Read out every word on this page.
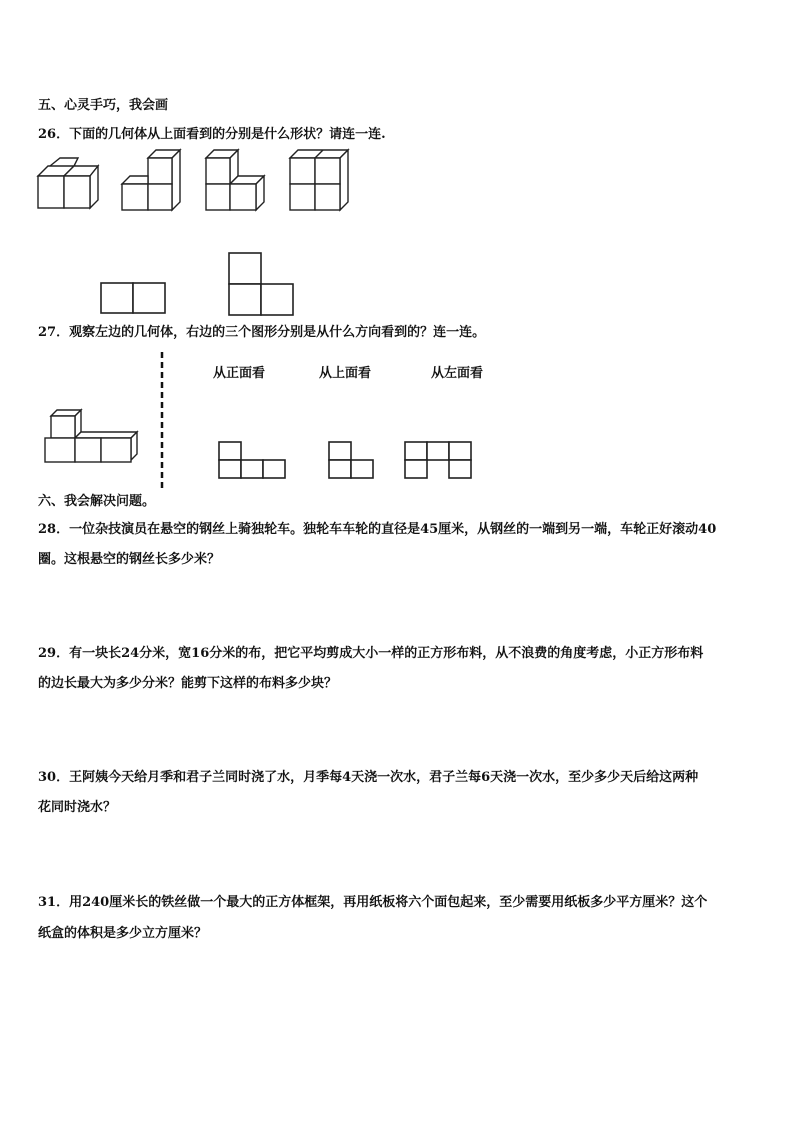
五、心灵手巧，我会画
26．下面的几何体从上面看到的分别是什么形状？请连一连.
27．观察左边的几何体，右边的三个图形分别是从什么方向看到的？连一连。
从正面看	从上面看	从左面看
六、我会解决问题。
28．一位杂技演员在悬空的钢丝上骑独轮车。独轮车车轮的直径是45厘米，从钢丝的一端到另一端，车轮正好滚动40
圈。这根悬空的钢丝长多少米？
29．有一块长24分米，宽16分米的布，把它平均剪成大小一样的正方形布料，从不浪费的角度考虑，小正方形布料
的边长最大为多少分米？能剪下这样的布料多少块？
30．王阿姨今天给月季和君子兰同时浇了水，月季每4天浇一次水，君子兰每6天浇一次水，至少多少天后给这两种
花同时浇水？
31．用240厘米长的铁丝做一个最大的正方体框架，再用纸板将六个面包起来，至少需要用纸板多少平方厘米？这个
纸盒的体积是多少立方厘米？
